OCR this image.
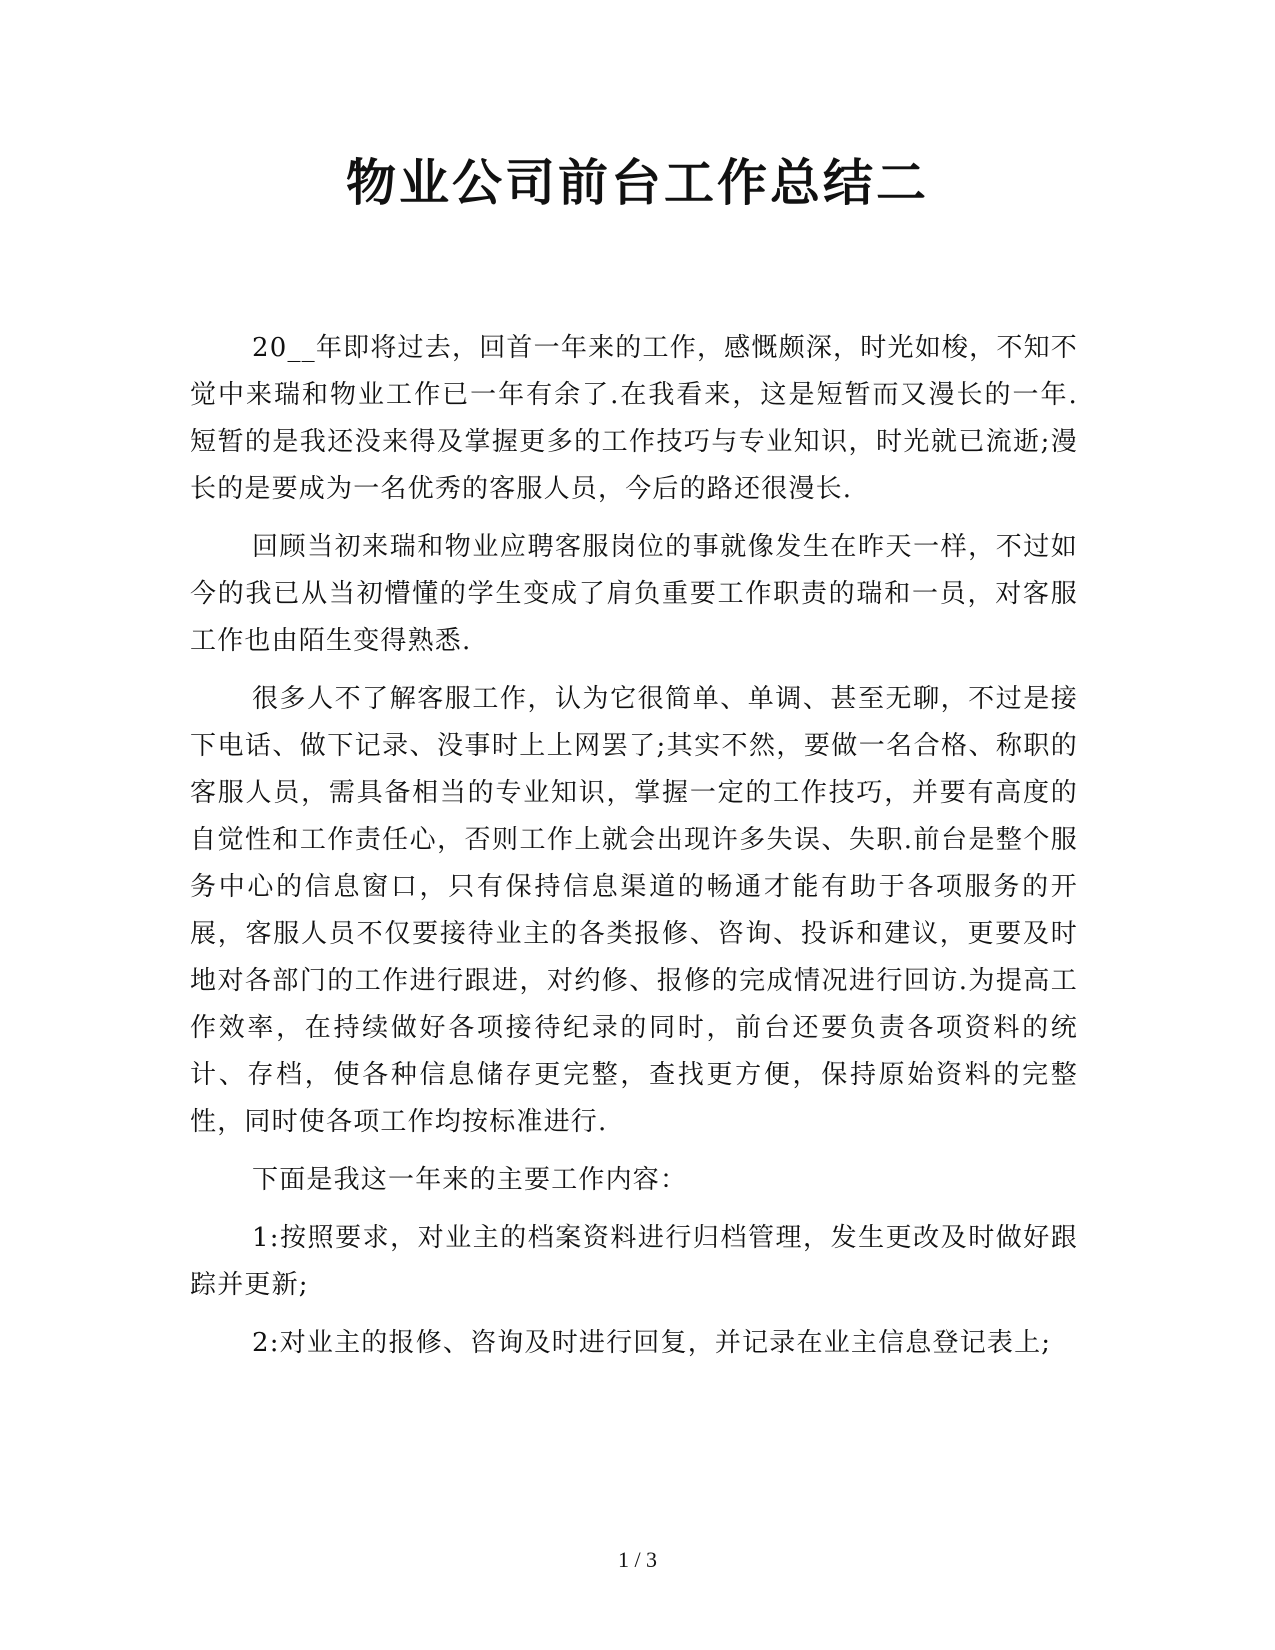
物业公司前台工作总结二

20__年即将过去，回首一年来的工作，感慨颇深，时光如梭，不知不觉中来瑞和物业工作已一年有余了.在我看来，这是短暂而又漫长的一年.短暂的是我还没来得及掌握更多的工作技巧与专业知识，时光就已流逝;漫长的是要成为一名优秀的客服人员，今后的路还很漫长.

回顾当初来瑞和物业应聘客服岗位的事就像发生在昨天一样，不过如今的我已从当初懵懂的学生变成了肩负重要工作职责的瑞和一员，对客服工作也由陌生变得熟悉.

很多人不了解客服工作，认为它很简单、单调、甚至无聊，不过是接下电话、做下记录、没事时上上网罢了;其实不然，要做一名合格、称职的客服人员，需具备相当的专业知识，掌握一定的工作技巧，并要有高度的自觉性和工作责任心，否则工作上就会出现许多失误、失职.前台是整个服务中心的信息窗口，只有保持信息渠道的畅通才能有助于各项服务的开展，客服人员不仅要接待业主的各类报修、咨询、投诉和建议，更要及时地对各部门的工作进行跟进，对约修、报修的完成情况进行回访.为提高工作效率，在持续做好各项接待纪录的同时，前台还要负责各项资料的统计、存档，使各种信息储存更完整，查找更方便，保持原始资料的完整性，同时使各项工作均按标准进行.

下面是我这一年来的主要工作内容：

1:按照要求，对业主的档案资料进行归档管理，发生更改及时做好跟踪并更新;

2:对业主的报修、咨询及时进行回复，并记录在业主信息登记表上;

1 / 3
